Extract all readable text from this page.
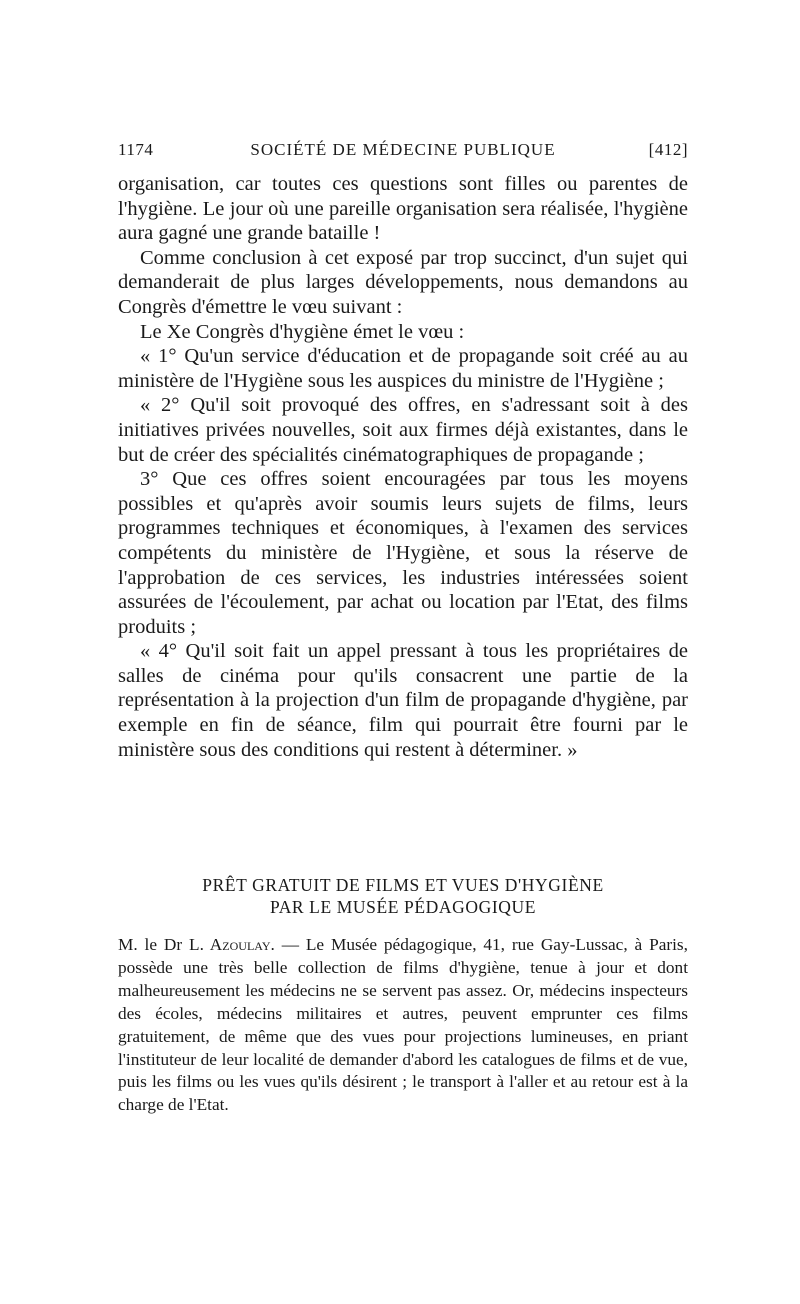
1174	SOCIÉTÉ DE MÉDECINE PUBLIQUE	[412]

organisation, car toutes ces questions sont filles ou parentes de l'hygiène. Le jour où une pareille organisation sera réalisée, l'hygiène aura gagné une grande bataille !

Comme conclusion à cet exposé par trop succinct, d'un sujet qui demanderait de plus larges développements, nous demandons au Congrès d'émettre le vœu suivant :

Le Xe Congrès d'hygiène émet le vœu :

« 1° Qu'un service d'éducation et de propagande soit créé au au ministère de l'Hygiène sous les auspices du ministre de l'Hygiène ;

« 2° Qu'il soit provoqué des offres, en s'adressant soit à des initiatives privées nouvelles, soit aux firmes déjà existantes, dans le but de créer des spécialités cinématographiques de propagande ;

3° Que ces offres soient encouragées par tous les moyens possibles et qu'après avoir soumis leurs sujets de films, leurs programmes techniques et économiques, à l'examen des services compétents du ministère de l'Hygiène, et sous la réserve de l'approbation de ces services, les industries intéressées soient assurées de l'écoulement, par achat ou location par l'Etat, des films produits ;

« 4° Qu'il soit fait un appel pressant à tous les propriétaires de salles de cinéma pour qu'ils consacrent une partie de la représentation à la projection d'un film de propagande d'hygiène, par exemple en fin de séance, film qui pourrait être fourni par le ministère sous des conditions qui restent à déterminer. »

PRÊT GRATUIT DE FILMS ET VUES D'HYGIÈNE
PAR LE MUSÉE PÉDAGOGIQUE

M. le Dr L. Azoulay. — Le Musée pédagogique, 41, rue Gay-Lussac, à Paris, possède une très belle collection de films d'hygiène, tenue à jour et dont malheureusement les médecins ne se servent pas assez. Or, médecins inspecteurs des écoles, médecins militaires et autres, peuvent emprunter ces films gratuitement, de même que des vues pour projections lumineuses, en priant l'instituteur de leur localité de demander d'abord les catalogues de films et de vue, puis les films ou les vues qu'ils désirent ; le transport à l'aller et au retour est à la charge de l'Etat.
